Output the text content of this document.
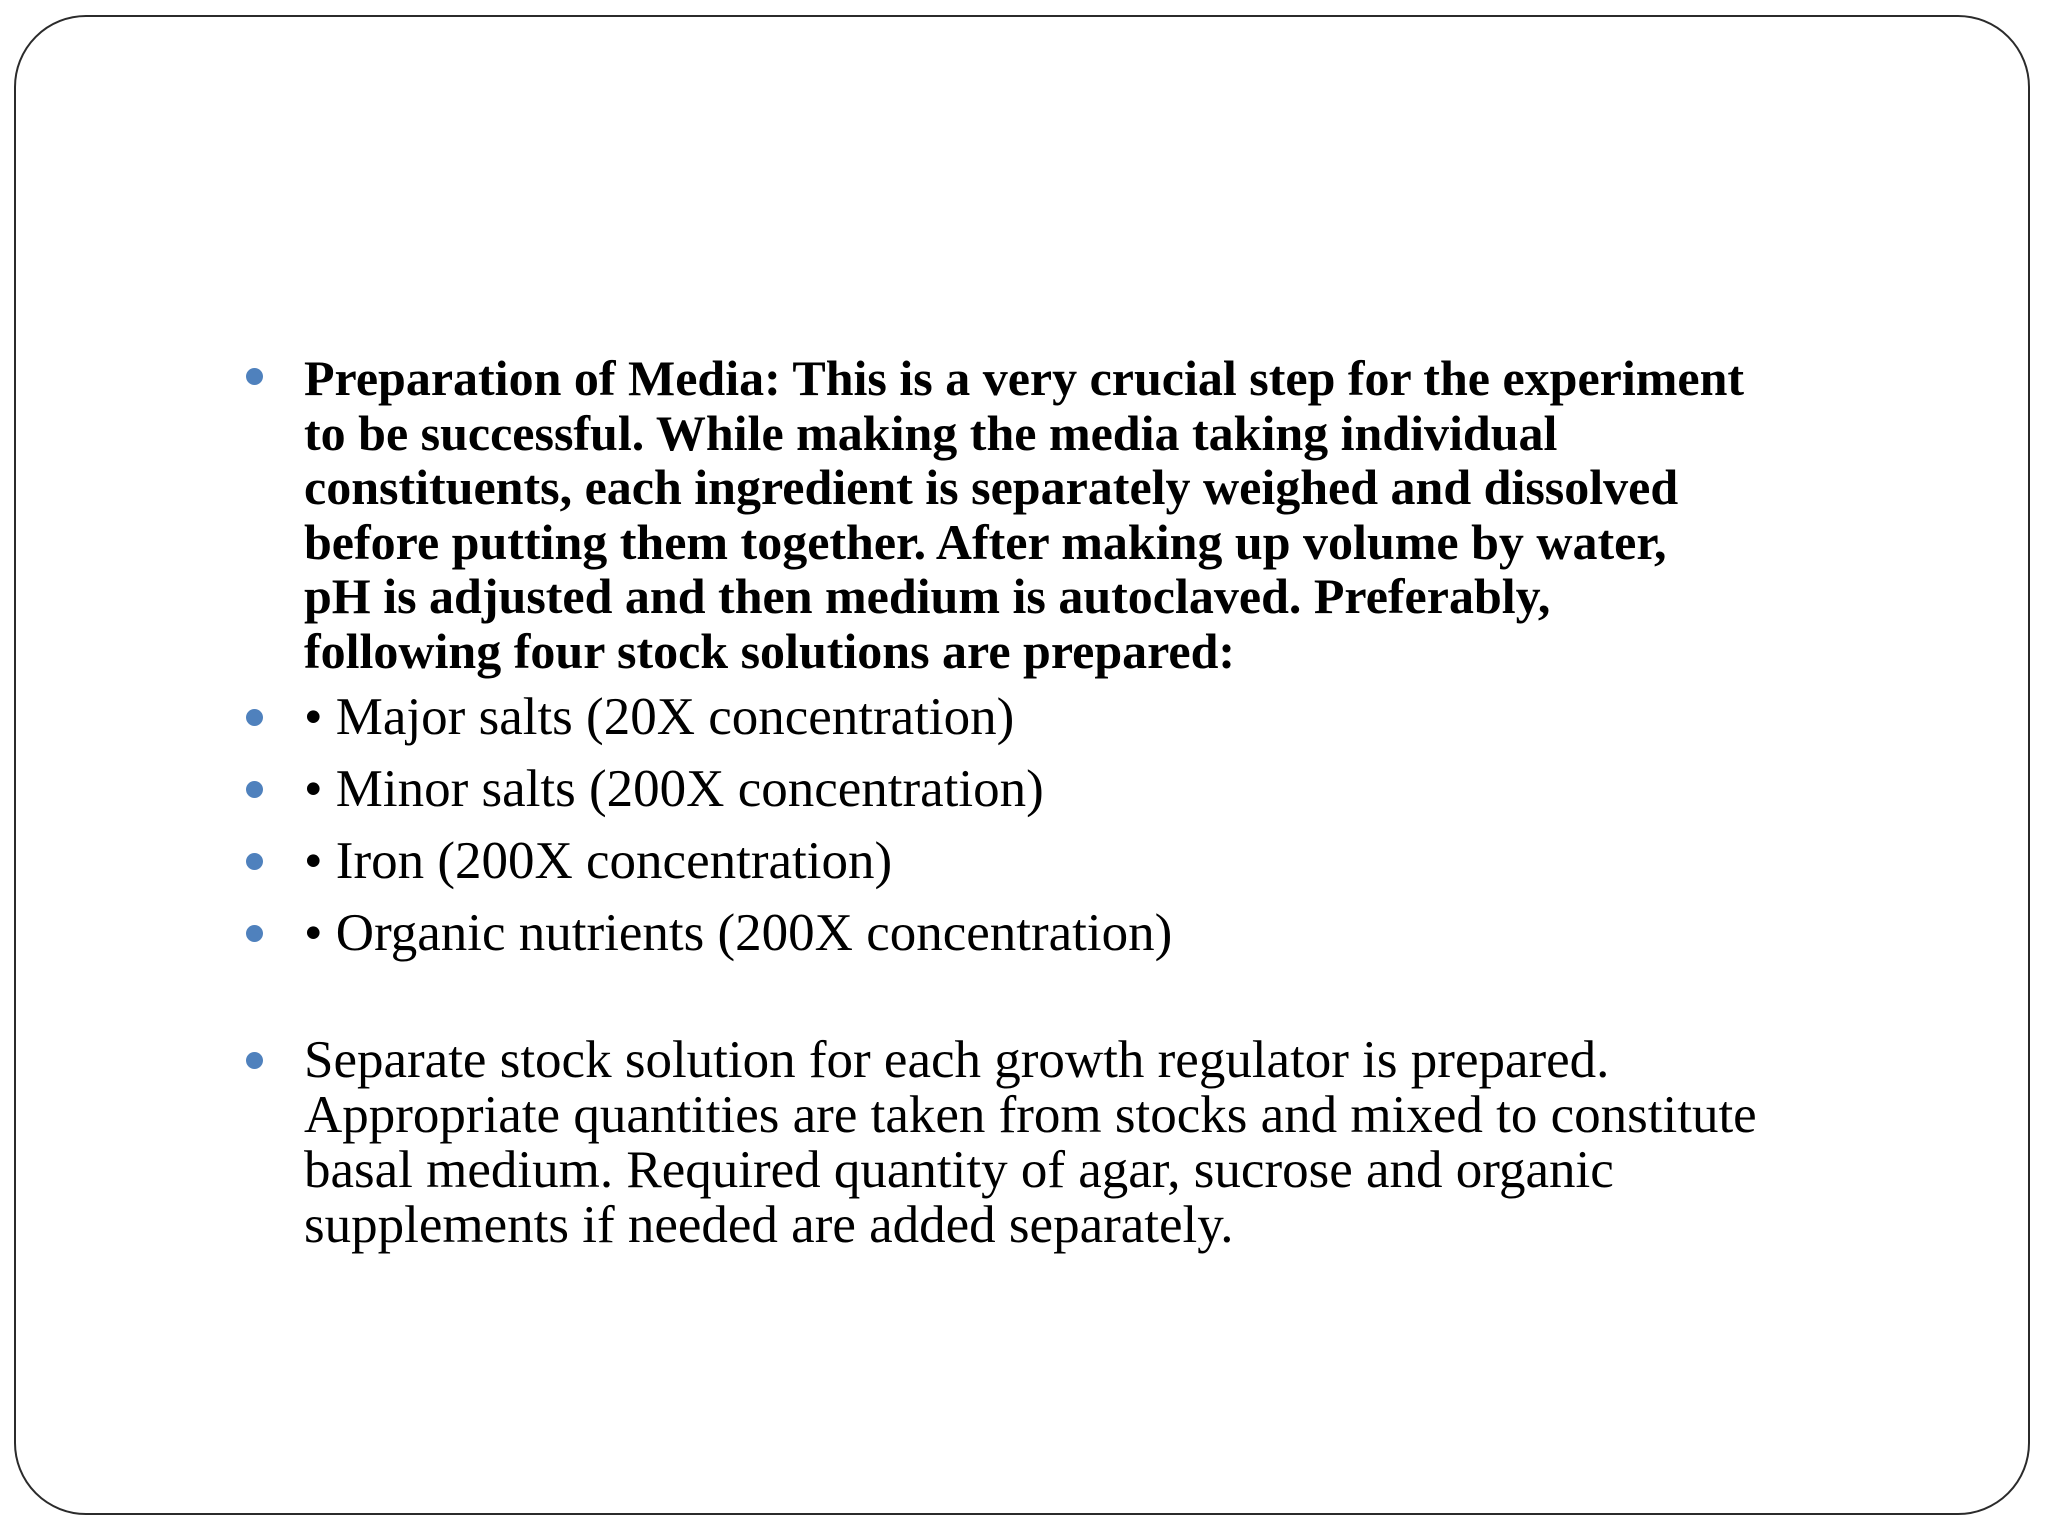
Preparation of Media: This is a very crucial step for the experiment
to be successful. While making the media taking individual
constituents, each ingredient is separately weighed and dissolved
before putting them together. After making up volume by water,
pH is adjusted and then medium is autoclaved. Preferably,
following four stock solutions are prepared:
• Major salts (20X concentration)
• Minor salts (200X concentration)
• Iron (200X concentration)
• Organic nutrients (200X concentration)
Separate stock solution for each growth regulator is prepared.
Appropriate quantities are taken from stocks and mixed to constitute
basal medium. Required quantity of agar, sucrose and organic
supplements if needed are added separately.
